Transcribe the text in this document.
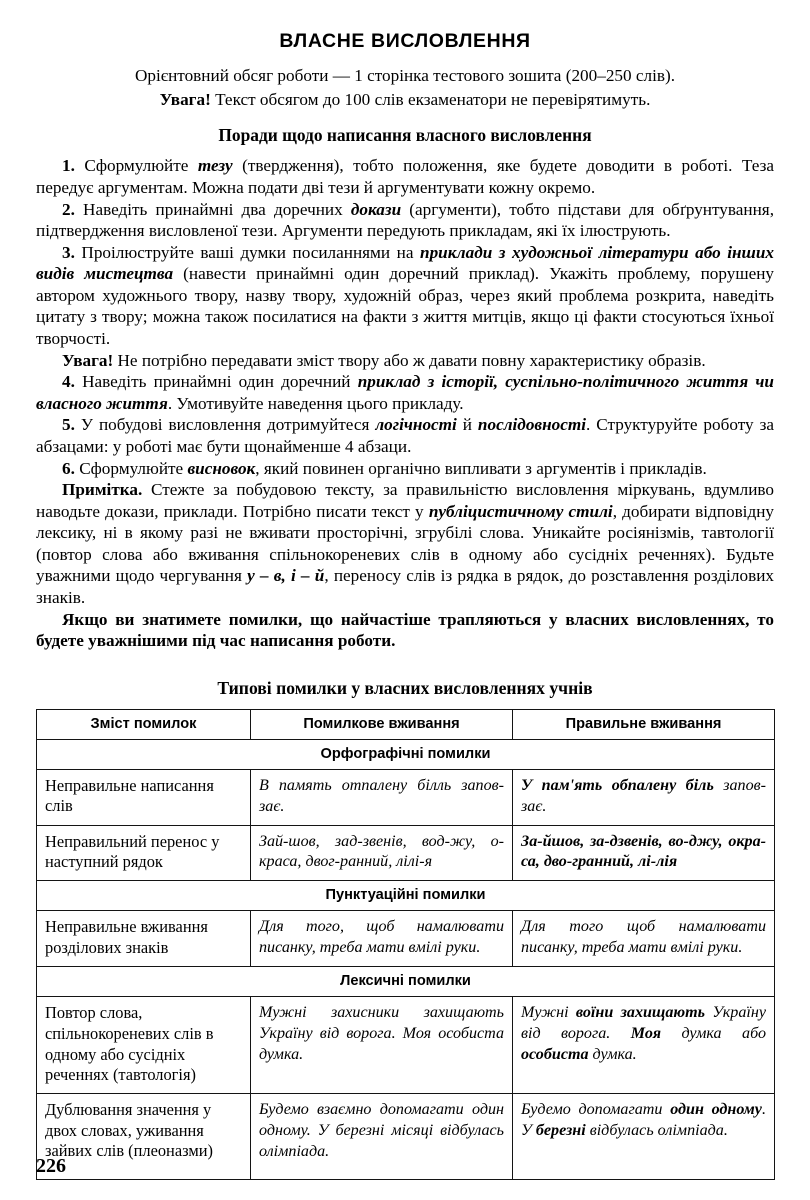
ВЛАСНЕ ВИСЛОВЛЕННЯ
Орієнтовний обсяг роботи — 1 сторінка тестового зошита (200–250 слів).
Увага! Текст обсягом до 100 слів екзаменатори не перевірятимуть.
Поради щодо написання власного висловлення

1. Сформулюйте тезу (твердження), тобто положення, яке будете доводити в роботі. Теза передує аргументам. Можна подати дві тези й аргументувати кожну окремо.

2. Наведіть принаймні два доречних докази (аргументи), тобто підстави для обґрунтування, підтвердження висловленої тези. Аргументи передують прикладам, які їх ілюструють.

3. Проілюструйте ваші думки посиланнями на приклади з художньої літератури або інших видів мистецтва (навести принаймні один доречний приклад). Укажіть проблему, порушену автором художнього твору, назву твору, художній образ, через який проблема розкрита, наведіть цитату з твору; можна також посилатися на факти з життя митців, якщо ці факти стосуються їхньої творчості.

Увага! Не потрібно передавати зміст твору або ж давати повну характеристику образів.

4. Наведіть принаймні один доречний приклад з історії, суспільно-політичного життя чи власного життя. Умотивуйте наведення цього прикладу.

5. У побудові висловлення дотримуйтеся логічності й послідовності. Структуруйте роботу за абзацами: у роботі має бути щонайменше 4 абзаци.

6. Сформулюйте висновок, який повинен органічно випливати з аргументів і прикладів.

Примітка. Стежте за побудовою тексту, за правильністю висловлення міркувань, вдумливо наводьте докази, приклади. Потрібно писати текст у публіцистичному стилі, добирати відповідну лексику, ні в якому разі не вживати просторічні, згрубілі слова. Уникайте росіянізмів, тавтології (повтор слова або вживання спільнокореневих слів в одному або сусідніх реченнях). Будьте уважними щодо чергування у – в, і – й, переносу слів із рядка в рядок, до розставлення розділових знаків.

Якщо ви знатимете помилки, що найчастіше трапляються у власних висловленнях, то будете уважнішими під час написання роботи.

Типові помилки у власних висловленнях учнів
Зміст помилок	Помилкове вживання	Правильне вживання
Орфографічні помилки		
Неправильне написання слів	В память отпалену білль запов-зає.	У пам'ять обпалену біль запов-зає.
Неправильний перенос у наступний рядок	Зай-шов, зад-звенів, вод-жу, о-краса, двог-ранний, лілі-я	За-йшов, за-дзвенів, во-джу, окра-са, дво-гранний, лі-лія
Пунктуаційні помилки		
Неправильне вживання розділових знаків	Для того, щоб намалювати писанку, треба мати вмілі руки.	Для того щоб намалювати писанку, треба мати вмілі руки.
Лексичні помилки		
Повтор слова, спільнокореневих слів в одному або сусідніх реченнях (тавтологія)	Мужні захисники захищають Україну від ворога. Моя особиста думка.	Мужні воїни захищають Україну від ворога. Моя думка або особиста думка.
Дублювання значення у двох словах, уживання зайвих слів (плеоназми)	Будемо взаємно допомагати один одному. У березні місяці відбулась олімпіада.	Будемо допомагати один одному. У березні відбулась олімпіада.
226
